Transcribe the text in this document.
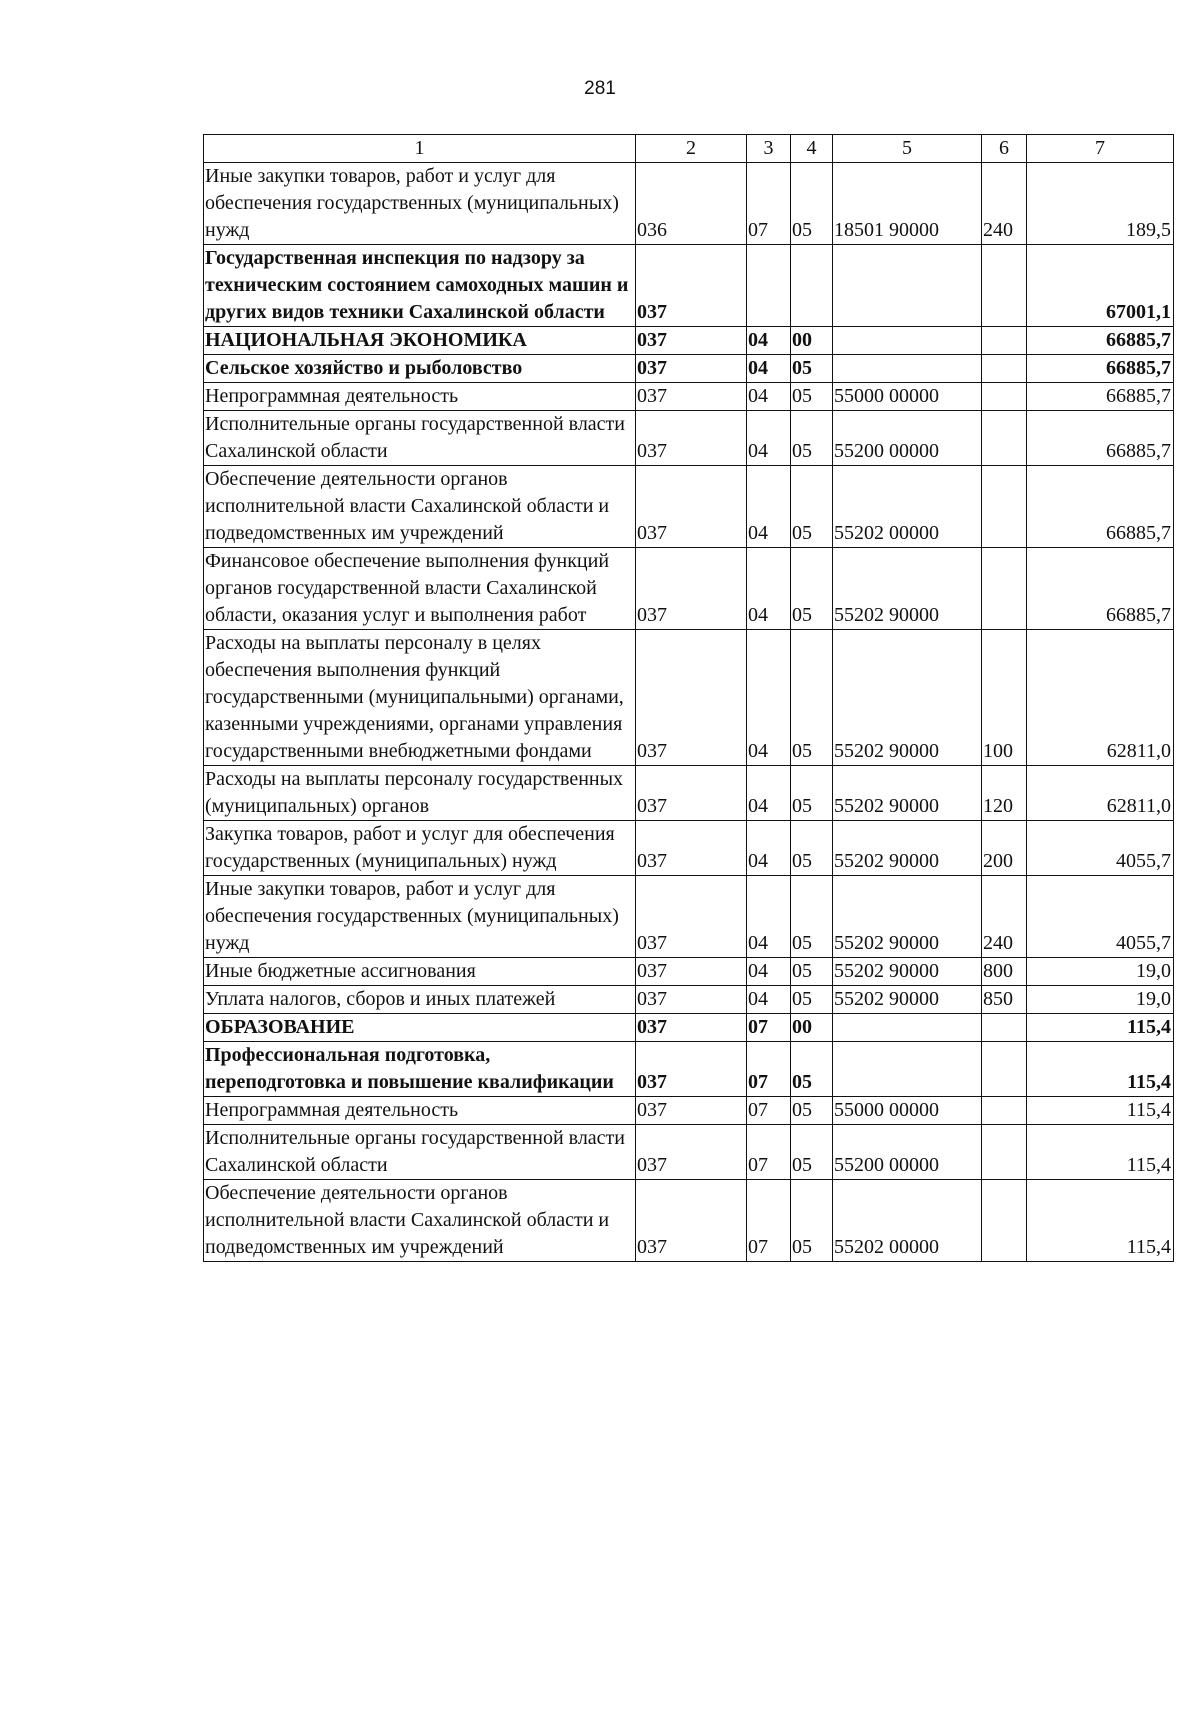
281
1	2	3	4	5	6	7
Иные закупки товаров, работ и услуг для обеспечения государственных (муниципальных) нужд	036	07	05	18501 90000	240	189,5
Государственная инспекция по надзору за техническим состоянием самоходных машин и других видов техники Сахалинской области	037					67001,1
НАЦИОНАЛЬНАЯ ЭКОНОМИКА	037	04	00			66885,7
Сельское хозяйство и рыболовство	037	04	05			66885,7
Непрограммная деятельность	037	04	05	55000 00000		66885,7
Исполнительные органы государственной власти Сахалинской области	037	04	05	55200 00000		66885,7
Обеспечение деятельности органов исполнительной власти Сахалинской области и подведомственных им учреждений	037	04	05	55202 00000		66885,7
Финансовое обеспечение выполнения функций органов государственной власти Сахалинской области, оказания услуг и выполнения работ	037	04	05	55202 90000		66885,7
Расходы на выплаты персоналу в целях обеспечения выполнения функций государственными (муниципальными) органами, казенными учреждениями, органами управления государственными внебюджетными фондами	037	04	05	55202 90000	100	62811,0
Расходы на выплаты персоналу государственных (муниципальных) органов	037	04	05	55202 90000	120	62811,0
Закупка товаров, работ и услуг для обеспечения государственных (муниципальных) нужд	037	04	05	55202 90000	200	4055,7
Иные закупки товаров, работ и услуг для обеспечения государственных (муниципальных) нужд	037	04	05	55202 90000	240	4055,7
Иные бюджетные ассигнования	037	04	05	55202 90000	800	19,0
Уплата налогов, сборов и иных платежей	037	04	05	55202 90000	850	19,0
ОБРАЗОВАНИЕ	037	07	00			115,4
Профессиональная подготовка, переподготовка и повышение квалификации	037	07	05			115,4
Непрограммная деятельность	037	07	05	55000 00000		115,4
Исполнительные органы государственной власти Сахалинской области	037	07	05	55200 00000		115,4
Обеспечение деятельности органов исполнительной власти Сахалинской области и подведомственных им учреждений	037	07	05	55202 00000		115,4
